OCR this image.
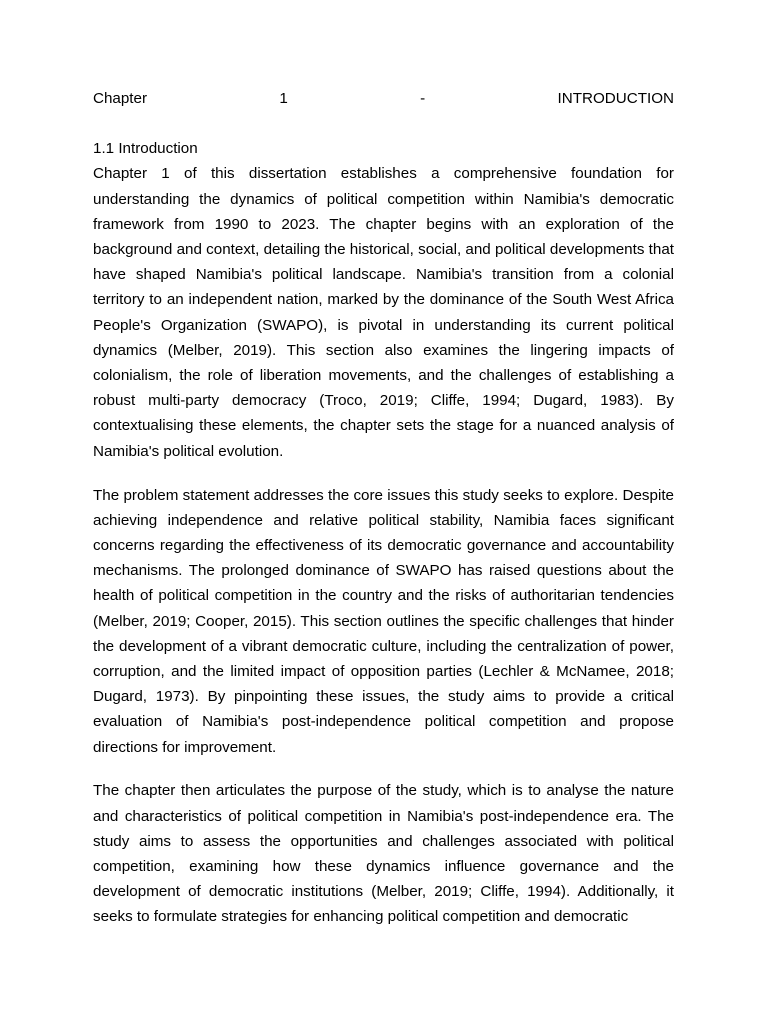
Chapter	1	-	INTRODUCTION
1.1 Introduction

Chapter 1 of this dissertation establishes a comprehensive foundation for understanding the dynamics of political competition within Namibia's democratic framework from 1990 to 2023. The chapter begins with an exploration of the background and context, detailing the historical, social, and political developments that have shaped Namibia's political landscape. Namibia's transition from a colonial territory to an independent nation, marked by the dominance of the South West Africa People's Organization (SWAPO), is pivotal in understanding its current political dynamics (Melber, 2019). This section also examines the lingering impacts of colonialism, the role of liberation movements, and the challenges of establishing a robust multi-party democracy (Troco, 2019; Cliffe, 1994; Dugard, 1983). By contextualising these elements, the chapter sets the stage for a nuanced analysis of Namibia's political evolution.

The problem statement addresses the core issues this study seeks to explore. Despite achieving independence and relative political stability, Namibia faces significant concerns regarding the effectiveness of its democratic governance and accountability mechanisms. The prolonged dominance of SWAPO has raised questions about the health of political competition in the country and the risks of authoritarian tendencies (Melber, 2019; Cooper, 2015). This section outlines the specific challenges that hinder the development of a vibrant democratic culture, including the centralization of power, corruption, and the limited impact of opposition parties (Lechler & McNamee, 2018; Dugard, 1973). By pinpointing these issues, the study aims to provide a critical evaluation of Namibia's post-independence political competition and propose directions for improvement.

The chapter then articulates the purpose of the study, which is to analyse the nature and characteristics of political competition in Namibia's post-independence era. The study aims to assess the opportunities and challenges associated with political competition, examining how these dynamics influence governance and the development of democratic institutions (Melber, 2019; Cliffe, 1994). Additionally, it seeks to formulate strategies for enhancing political competition and democratic
